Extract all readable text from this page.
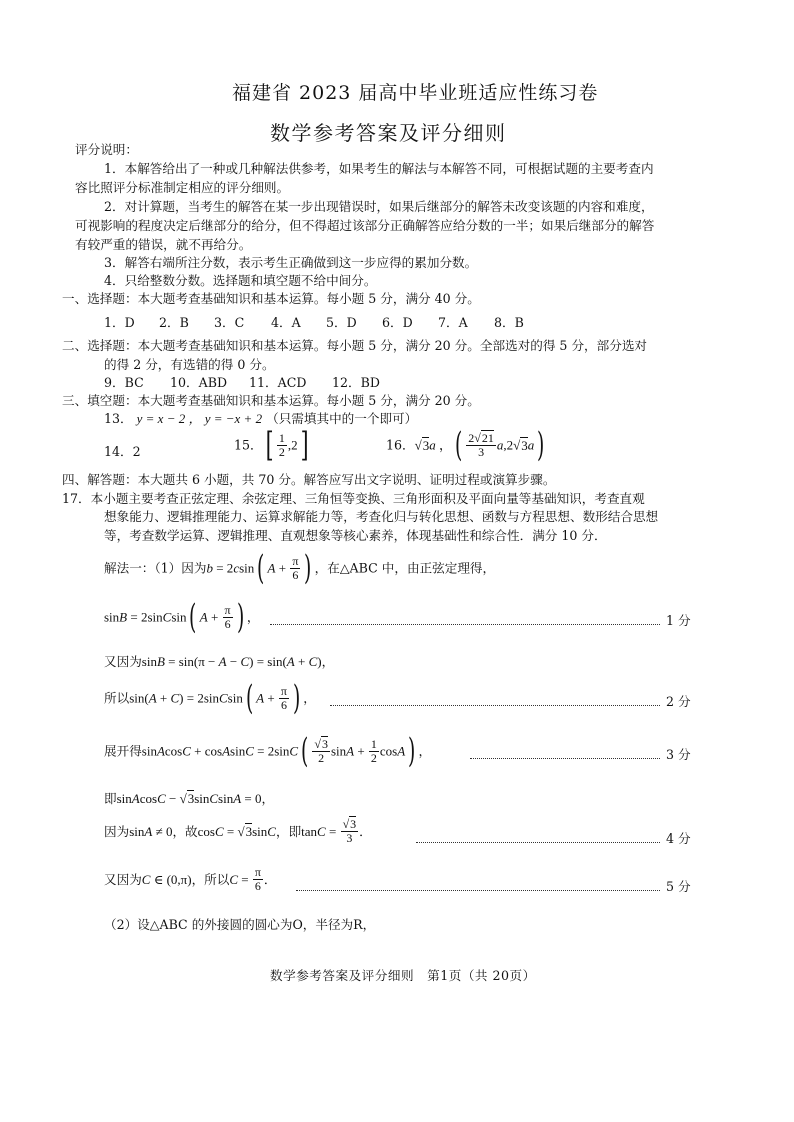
福建省 2023 届高中毕业班适应性练习卷
数学参考答案及评分细则
评分说明：
1．本解答给出了一种或几种解法供参考，如果考生的解法与本解答不同，可根据试题的主要考查内
容比照评分标准制定相应的评分细则。
2．对计算题，当考生的解答在某一步出现错误时，如果后继部分的解答未改变该题的内容和难度，
可视影响的程度决定后继部分的给分，但不得超过该部分正确解答应给分数的一半；如果后继部分的解答
有较严重的错误，就不再给分。
3．解答右端所注分数，表示考生正确做到这一步应得的累加分数。
4．只给整数分数。选择题和填空题不给中间分。
一、选择题：本大题考查基础知识和基本运算。每小题 5 分，满分 40 分。
1．D 2．B 3．C 4．A 5．D 6．D 7．A 8．B
二、选择题：本大题考查基础知识和基本运算。每小题 5 分，满分 20 分。全部选对的得 5 分，部分选对
的得 2 分，有选错的得 0 分。
9．BC 10．ABD 11．ACD 12．BD
三、填空题：本大题考查基础知识和基本运算。每小题 5 分，满分 20 分。
13． y = x − 2 ， y = −x + 2 （只需填其中的一个即可）
14．2	15．[ $\frac{1}{2} ,2$]	16．√3a ，( $\frac{2√21}{3} a,2√3a$)
四、解答题：本大题共 6 小题，共 70 分。解答应写出文字说明、证明过程或演算步骤。
17．本小题主要考查正弦定理、余弦定理、三角恒等变换、三角形面积及平面向量等基础知识，考查直观
想象能力、逻辑推理能力、运算求解能力等，考查化归与转化思想、函数与方程思想、数形结合思想
等，考查数学运算、逻辑推理、直观想象等核心素养，体现基础性和综合性．满分 10 分．
解法一：（1）因为b = 2csin( $A + \frac{\pi}{6}$ ) ，在△ABC 中，由正弦定理得，
sinB = 2sinCsin( $A + \frac{\pi}{6}$ ) ，	1 分
又因为sinB = sin(π − A − C) = sin(A + C)，
所以sin(A + C) = 2sinCsin( $A + \frac{\pi}{6}$ ) ，	2 分
展开得sinAcosC + cosAsinC = $2\sin C( \frac{√3}{2}$ $\sin A + \frac{1}{2} \cos A$) ，	3 分
即sinAcosC − √3sinCsinA = 0，
因为sinA ≠ 0，故cosC = √3sinC，即$\tan C = \frac{√3}{3}$ ．	4 分
又因为C ∈ (0,π)，所以$C = \frac{\pi}{6}$ ．	5 分
（2）设△ABC 的外接圆的圆心为O，半径为R，
数学参考答案及评分细则　第1页（共 20页）
